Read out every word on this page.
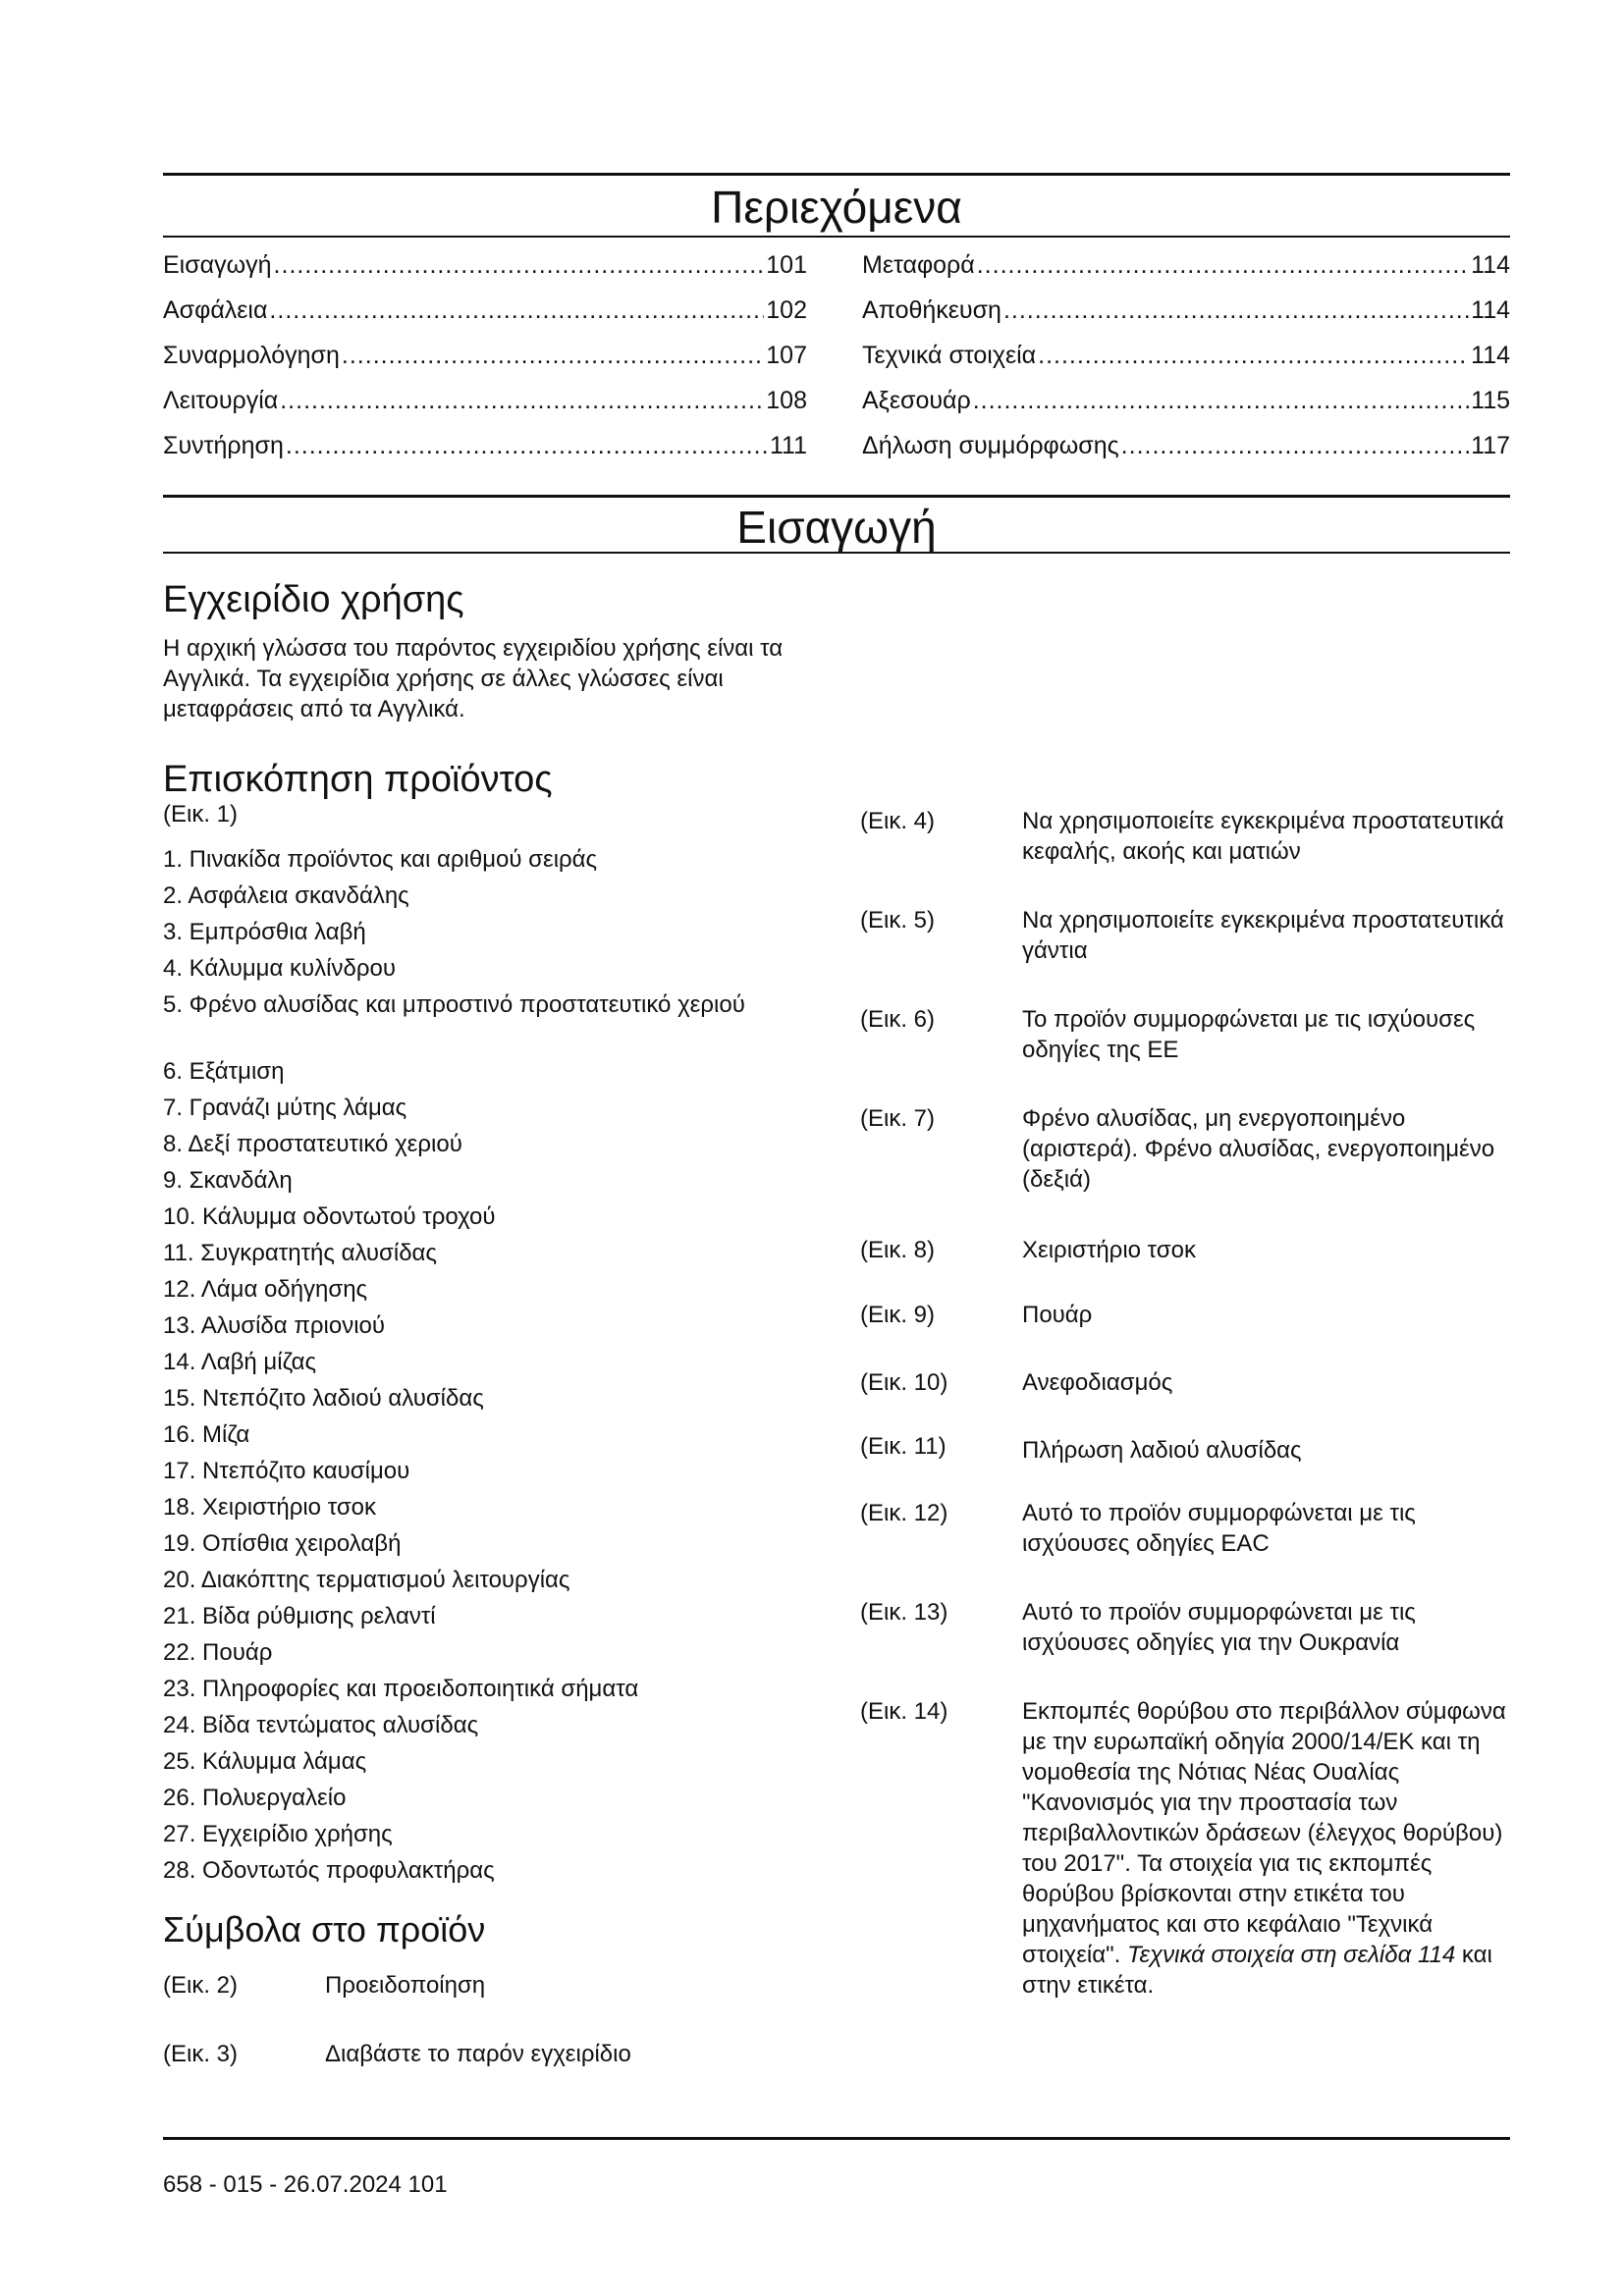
Περιεχόμενα
Εισαγωγή .....	101
Ασφάλεια .....	102
Συναρμολόγηση .....	107
Λειτουργία .....	108
Συντήρηση .....	111
Μεταφορά .....	114
Αποθήκευση .....	114
Τεχνικά στοιχεία .....	114
Αξεσουάρ .....	115
Δήλωση συμμόρφωσης .....	117
Εισαγωγή
Εγχειρίδιο χρήσης

Η αρχική γλώσσα του παρόντος εγχειριδίου χρήσης είναι τα Αγγλικά. Τα εγχειρίδια χρήσης σε άλλες γλώσσες είναι μεταφράσεις από τα Αγγλικά.

Επισκόπηση προϊόντος
(Εικ. 1)
1. Πινακίδα προϊόντος και αριθμού σειράς
2. Ασφάλεια σκανδάλης
3. Εμπρόσθια λαβή
4. Κάλυμμα κυλίνδρου
5. Φρένο αλυσίδας και μπροστινό προστατευτικό χεριού
6. Εξάτμιση
7. Γρανάζι μύτης λάμας
8. Δεξί προστατευτικό χεριού
9. Σκανδάλη
10. Κάλυμμα οδοντωτού τροχού
11. Συγκρατητής αλυσίδας
12. Λάμα οδήγησης
13. Αλυσίδα πριονιού
14. Λαβή μίζας
15. Ντεπόζιτο λαδιού αλυσίδας
16. Μίζα
17. Ντεπόζιτο καυσίμου
18. Χειριστήριο τσοκ
19. Οπίσθια χειρολαβή
20. Διακόπτης τερματισμού λειτουργίας
21. Βίδα ρύθμισης ρελαντί
22. Πουάρ
23. Πληροφορίες και προειδοποιητικά σήματα
24. Βίδα τεντώματος αλυσίδας
25. Κάλυμμα λάμας
26. Πολυεργαλείο
27. Εγχειρίδιο χρήσης
28. Οδοντωτός προφυλακτήρας
Σύμβολα στο προϊόν
(Εικ. 2)	Προειδοποίηση
(Εικ. 3)	Διαβάστε το παρόν εγχειρίδιο
(Εικ. 4)	Να χρησιμοποιείτε εγκεκριμένα προστατευτικά κεφαλής, ακοής και ματιών
(Εικ. 5)	Να χρησιμοποιείτε εγκεκριμένα προστατευτικά γάντια
(Εικ. 6)	Το προϊόν συμμορφώνεται με τις ισχύουσες οδηγίες της ΕΕ
(Εικ. 7)	Φρένο αλυσίδας, μη ενεργοποιημένο (αριστερά). Φρένο αλυσίδας, ενεργοποιημένο (δεξιά)
(Εικ. 8)	Χειριστήριο τσοκ
(Εικ. 9)	Πουάρ
(Εικ. 10)	Ανεφοδιασμός
(Εικ. 11)	Πλήρωση λαδιού αλυσίδας
(Εικ. 12)	Αυτό το προϊόν συμμορφώνεται με τις ισχύουσες οδηγίες EAC
(Εικ. 13)	Αυτό το προϊόν συμμορφώνεται με τις ισχύουσες οδηγίες για την Ουκρανία
(Εικ. 14)	Εκπομπές θορύβου στο περιβάλλον σύμφωνα με την ευρωπαϊκή οδηγία 2000/14/ΕΚ και τη νομοθεσία της Νότιας Νέας Ουαλίας "Κανονισμός για την προστασία των περιβαλλοντικών δράσεων (έλεγχος θορύβου) του 2017". Τα στοιχεία για τις εκπομπές θορύβου βρίσκονται στην ετικέτα του μηχανήματος και στο κεφάλαιο "Τεχνικά στοιχεία". Τεχνικά στοιχεία στη σελίδα 114 και στην ετικέτα.
658 - 015 - 26.07.2024 101
